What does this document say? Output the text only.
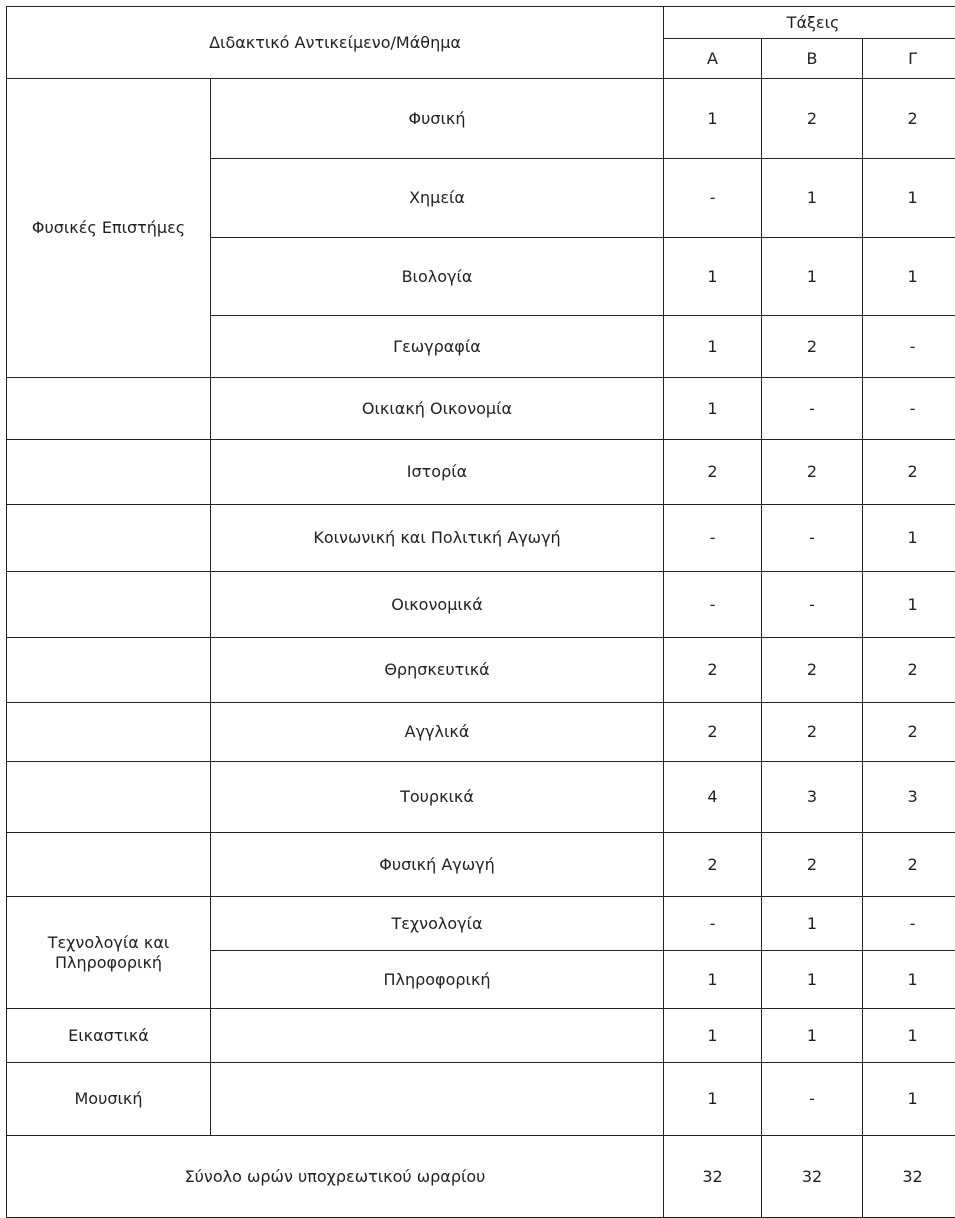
Διδακτικό Αντικείμενο/Μάθημα		Τάξεις		
		Α	Β	Γ
Φυσικές Επιστήμες	Φυσική	1	2	2
	Χημεία	-	1	1
	Βιολογία	1	1	1
	Γεωγραφία	1	2	-
	Οικιακή Οικονομία	1	-	-
	Ιστορία	2	2	2
	Κοινωνική και Πολιτική Αγωγή	-	-	1
	Οικονομικά	-	-	1
	Θρησκευτικά	2	2	2
	Αγγλικά	2	2	2
	Τουρκικά	4	3	3
	Φυσική Αγωγή	2	2	2
Τεχνολογία και Πληροφορική	Τεχνολογία	-	1	-
	Πληροφορική	1	1	1
Εικαστικά		1	1	1
Μουσική		1	-	1
Σύνολο ωρών υποχρεωτικού ωραρίου		32	32	32
